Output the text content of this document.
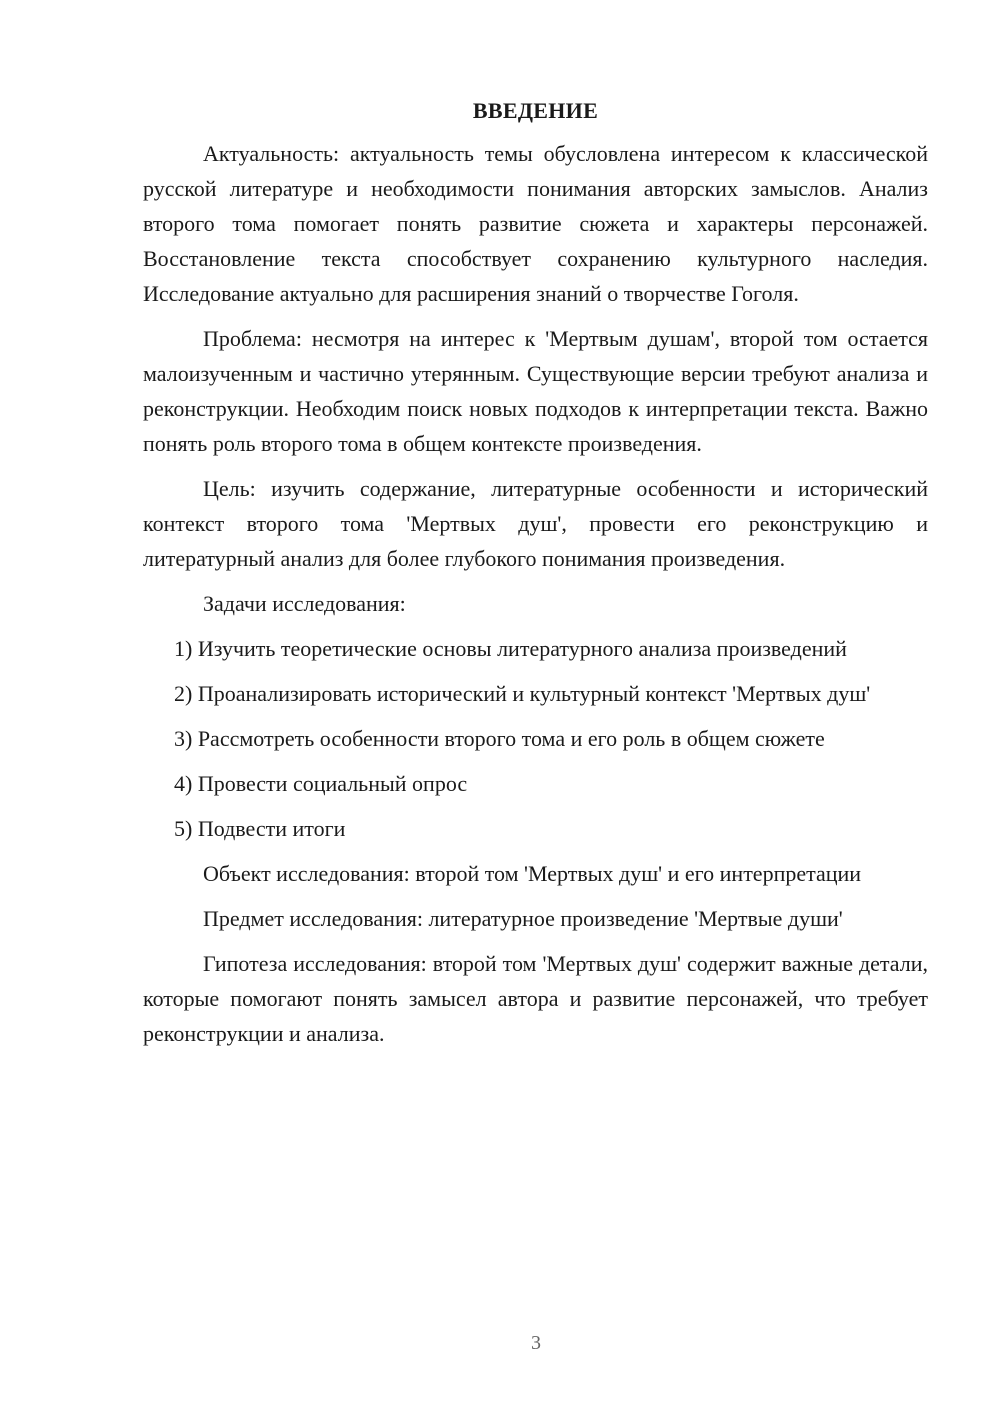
ВВЕДЕНИЕ

Актуальность: актуальность темы обусловлена интересом к классической русской литературе и необходимости понимания авторских замыслов. Анализ второго тома помогает понять развитие сюжета и характеры персонажей. Восстановление текста способствует сохранению культурного наследия. Исследование актуально для расширения знаний о творчестве Гоголя.

Проблема: несмотря на интерес к 'Мертвым душам', второй том остается малоизученным и частично утерянным. Существующие версии требуют анализа и реконструкции. Необходим поиск новых подходов к интерпретации текста. Важно понять роль второго тома в общем контексте произведения.

Цель: изучить содержание, литературные особенности и исторический контекст второго тома 'Мертвых душ', провести его реконструкцию и литературный анализ для более глубокого понимания произведения.

Задачи исследования:

1) Изучить теоретические основы литературного анализа произведений

2) Проанализировать исторический и культурный контекст 'Мертвых душ'

3) Рассмотреть особенности второго тома и его роль в общем сюжете

4) Провести социальный опрос

5) Подвести итоги

Объект исследования: второй том 'Мертвых душ' и его интерпретации

Предмет исследования: литературное произведение 'Мертвые души'

Гипотеза исследования: второй том 'Мертвых душ' содержит важные детали, которые помогают понять замысел автора и развитие персонажей, что требует реконструкции и анализа.

3
